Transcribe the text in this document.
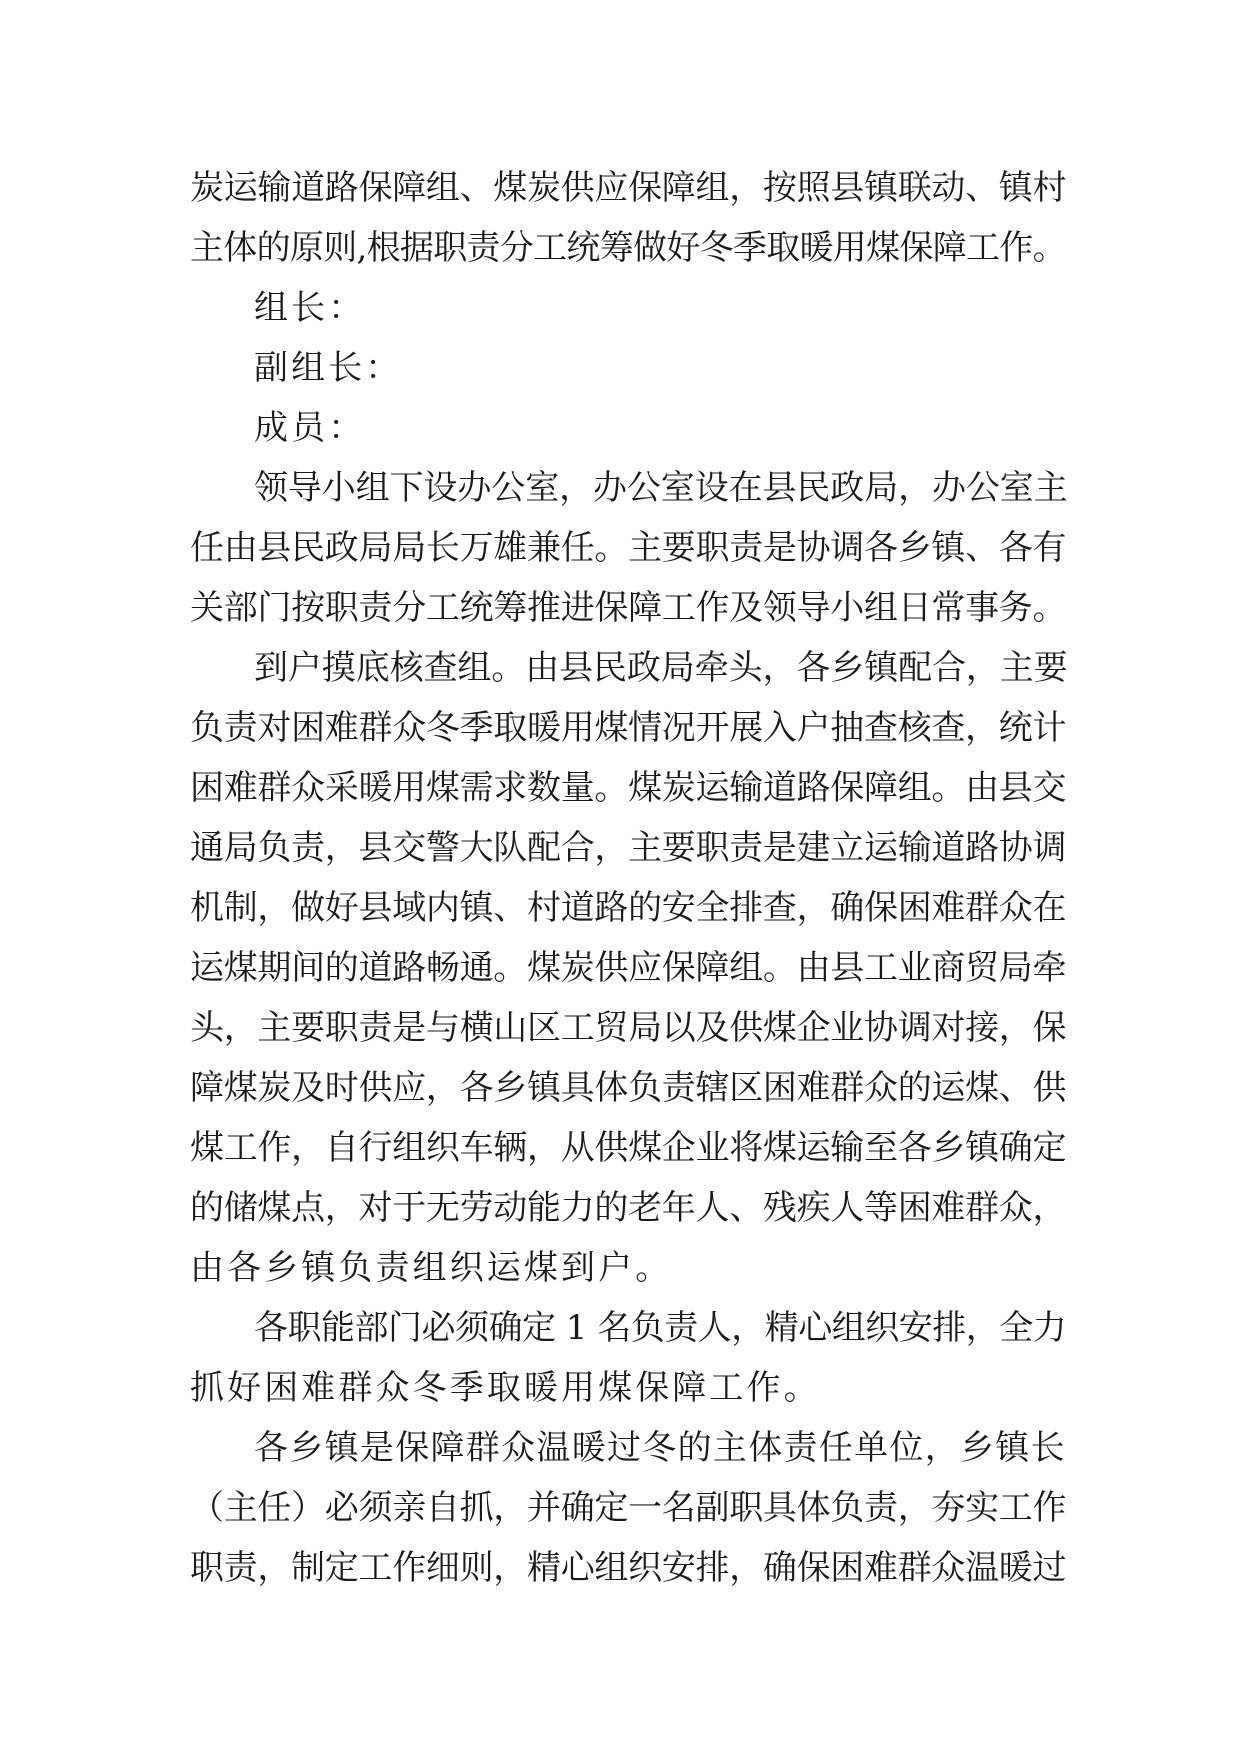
炭运输道路保障组、煤炭供应保障组，按照县镇联动、镇村
主体的原则,根据职责分工统筹做好冬季取暖用煤保障工作。
组长：
副组长：
成员：
领导小组下设办公室，办公室设在县民政局，办公室主
任由县民政局局长万雄兼任。主要职责是协调各乡镇、各有
关部门按职责分工统筹推进保障工作及领导小组日常事务。
到户摸底核查组。由县民政局牵头，各乡镇配合，主要
负责对困难群众冬季取暖用煤情况开展入户抽查核查，统计
困难群众采暖用煤需求数量。煤炭运输道路保障组。由县交
通局负责，县交警大队配合，主要职责是建立运输道路协调
机制，做好县域内镇、村道路的安全排查，确保困难群众在
运煤期间的道路畅通。煤炭供应保障组。由县工业商贸局牵
头，主要职责是与横山区工贸局以及供煤企业协调对接，保
障煤炭及时供应，各乡镇具体负责辖区困难群众的运煤、供
煤工作，自行组织车辆，从供煤企业将煤运输至各乡镇确定
的储煤点，对于无劳动能力的老年人、残疾人等困难群众，
由各乡镇负责组织运煤到户。
各职能部门必须确定 1 名负责人，精心组织安排，全力
抓好困难群众冬季取暖用煤保障工作。
各乡镇是保障群众温暖过冬的主体责任单位，乡镇长
（主任）必须亲自抓，并确定一名副职具体负责，夯实工作
职责，制定工作细则，精心组织安排，确保困难群众温暖过
